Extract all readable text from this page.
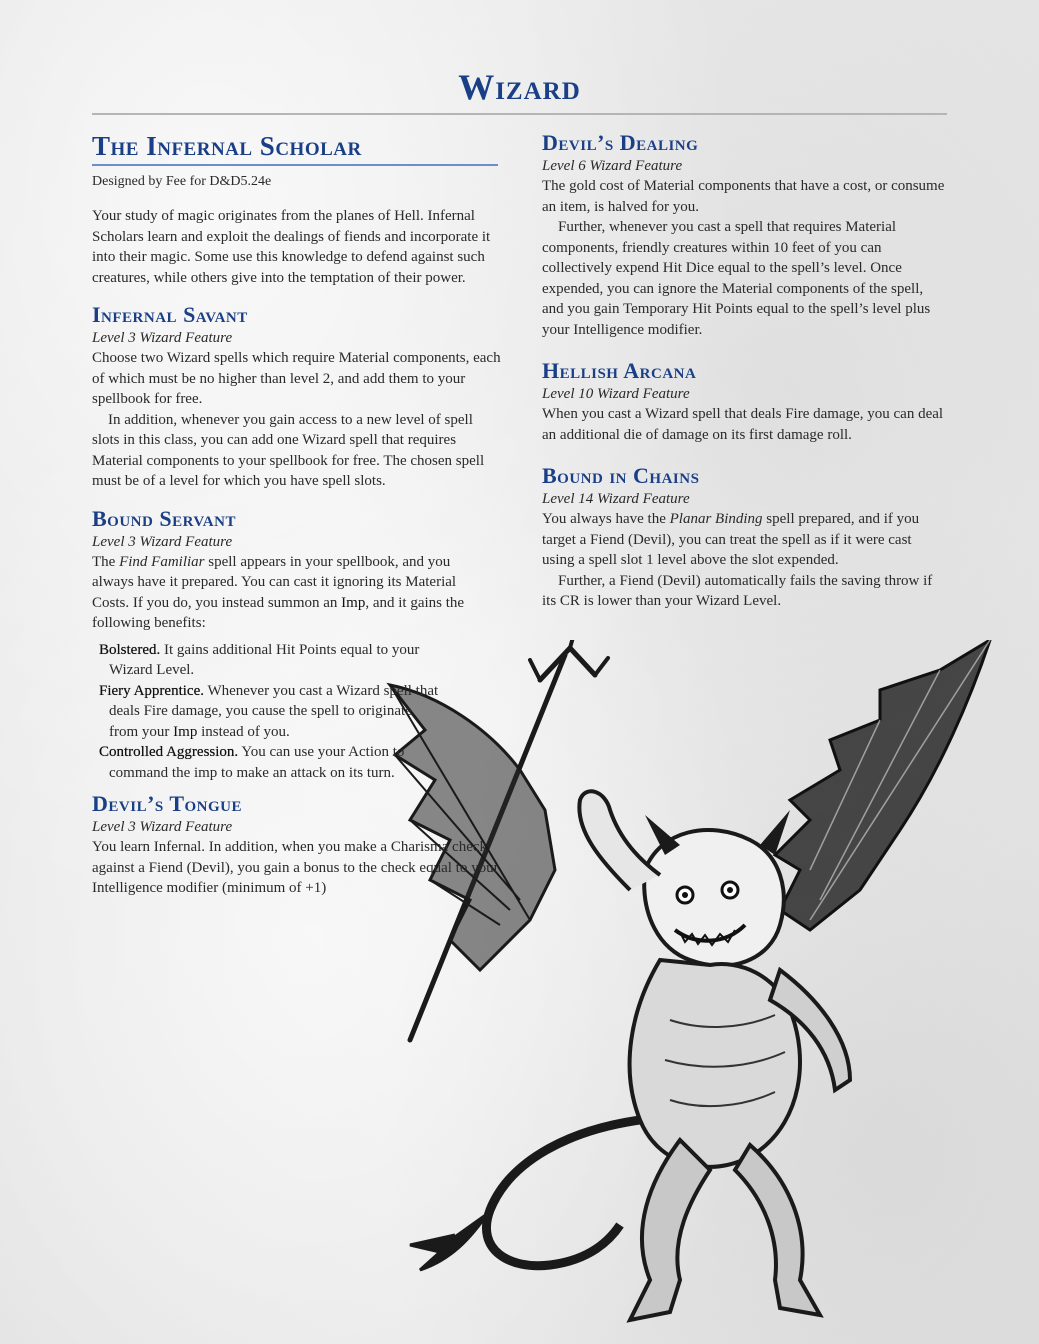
Wizard
The Infernal Scholar
Designed by Fee for D&D5.24e

Your study of magic originates from the planes of Hell. Infernal Scholars learn and exploit the dealings of fiends and incorporate it into their magic. Some use this knowledge to defend against such creatures, while others give into the temptation of their power.

Infernal Savant
Level 3 Wizard Feature

Choose two Wizard spells which require Material components, each of which must be no higher than level 2, and add them to your spellbook for free.

In addition, whenever you gain access to a new level of spell slots in this class, you can add one Wizard spell that requires Material components to your spellbook for free. The chosen spell must be of a level for which you have spell slots.

Bound Servant
Level 3 Wizard Feature

The Find Familiar spell appears in your spellbook, and you always have it prepared. You can cast it ignoring its Material Costs. If you do, you instead summon an Imp, and it gains the following benefits:

Bolstered. It gains additional Hit Points equal to your Wizard Level.
Fiery Apprentice. Whenever you cast a Wizard spell that deals Fire damage, you cause the spell to originate from your Imp instead of you.
Controlled Aggression. You can use your Action to command the imp to make an attack on its turn.
Devil’s Tongue
Level 3 Wizard Feature

You learn Infernal. In addition, when you make a Charisma check against a Fiend (Devil), you gain a bonus to the check equal to your Intelligence modifier (minimum of +1)

Devil’s Dealing
Level 6 Wizard Feature

The gold cost of Material components that have a cost, or consume an item, is halved for you.

Further, whenever you cast a spell that requires Material components, friendly creatures within 10 feet of you can collectively expend Hit Dice equal to the spell’s level. Once expended, you can ignore the Material components of the spell, and you gain Temporary Hit Points equal to the spell’s level plus your Intelligence modifier.

Hellish Arcana
Level 10 Wizard Feature

When you cast a Wizard spell that deals Fire damage, you can deal an additional die of damage on its first damage roll.

Bound in Chains
Level 14 Wizard Feature

You always have the Planar Binding spell prepared, and if you target a Fiend (Devil), you can treat the spell as if it were cast using a spell slot 1 level above the slot expended.

Further, a Fiend (Devil) automatically fails the saving throw if its CR is lower than your Wizard Level.
